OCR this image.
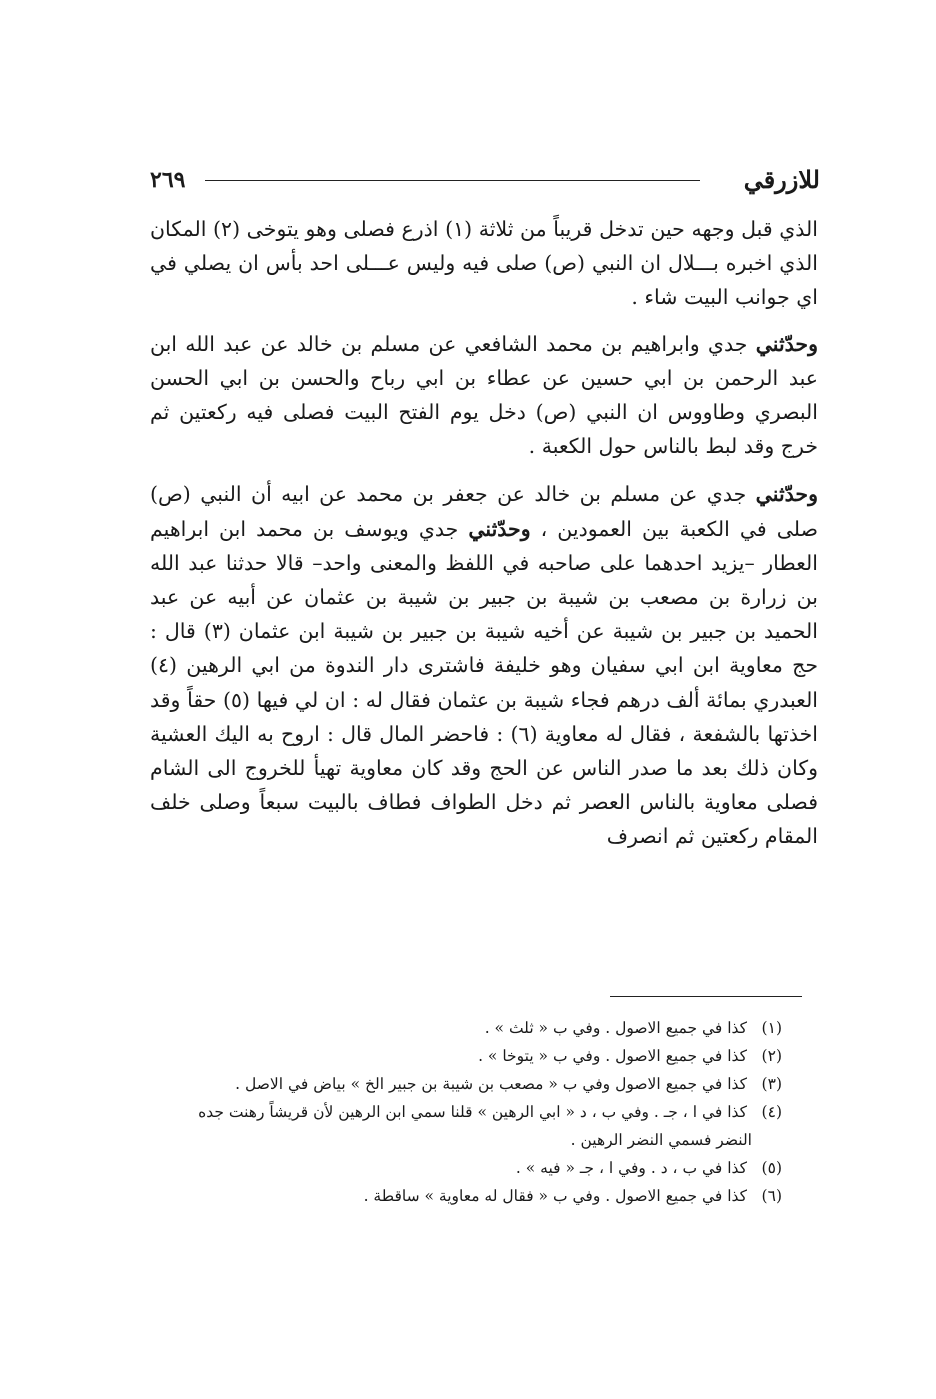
للازرقي
٢٦٩

الذي قبل وجهه حين تدخل قريباً من ثلاثة (١) اذرع فصلى وهو يتوخى (٢) المكان الذي اخبره بـــلال ان النبي (ص) صلى فيه وليس عـــلى احد بأس ان يصلي في اي جوانب البيت شاء .

وحدّثني جدي وابراهيم بن محمد الشافعي عن مسلم بن خالد عن عبد الله ابن عبد الرحمن بن ابي حسين عن عطاء بن ابي رباح والحسن بن ابي الحسن البصري وطاووس ان النبي (ص) دخل يوم الفتح البيت فصلى فيه ركعتين ثم خرج وقد لبط بالناس حول الكعبة .

وحدّثني جدي عن مسلم بن خالد عن جعفر بن محمد عن ابيه أن النبي (ص) صلى في الكعبة بين العمودين ، وحدّثني جدي ويوسف بن محمد ابن ابراهيم العطار –يزيد احدهما على صاحبه في اللفظ والمعنى واحد– قالا حدثنا عبد الله بن زرارة بن مصعب بن شيبة بن جبير بن شيبة بن عثمان عن أبيه عن عبد الحميد بن جبير بن شيبة عن أخيه شيبة بن جبير بن شيبة ابن عثمان (٣) قال : حج معاوية ابن ابي سفيان وهو خليفة فاشترى دار الندوة من ابي الرهين (٤) العبدري بمائة ألف درهم فجاء شيبة بن عثمان فقال له : ان لي فيها (٥) حقاً وقد اخذتها بالشفعة ، فقال له معاوية (٦) : فاحضر المال قال : اروح به اليك العشية وكان ذلك بعد ما صدر الناس عن الحج وقد كان معاوية تهيأ للخروج الى الشام فصلى معاوية بالناس العصر ثم دخل الطواف فطاف بالبيت سبعاً وصلى خلف المقام ركعتين ثم انصرف

(١) كذا في جميع الاصول . وفي ب « ثلث » .

(٢) كذا في جميع الاصول . وفي ب « يتوخا » .

(٣) كذا في جميع الاصول وفي ب « مصعب بن شيبة بن جبير الخ » بياض في الاصل .

(٤) كذا في ا ، جـ . وفي ب ، د « ابي الرهين » قلنا سمي ابن الرهين لأن قريشاً رهنت جده

النضر فسمي النضر الرهين .

(٥) كذا في ب ، د . وفي ا ، جـ « فيه » .

(٦) كذا في جميع الاصول . وفي ب « فقال له معاوية » ساقطة .
